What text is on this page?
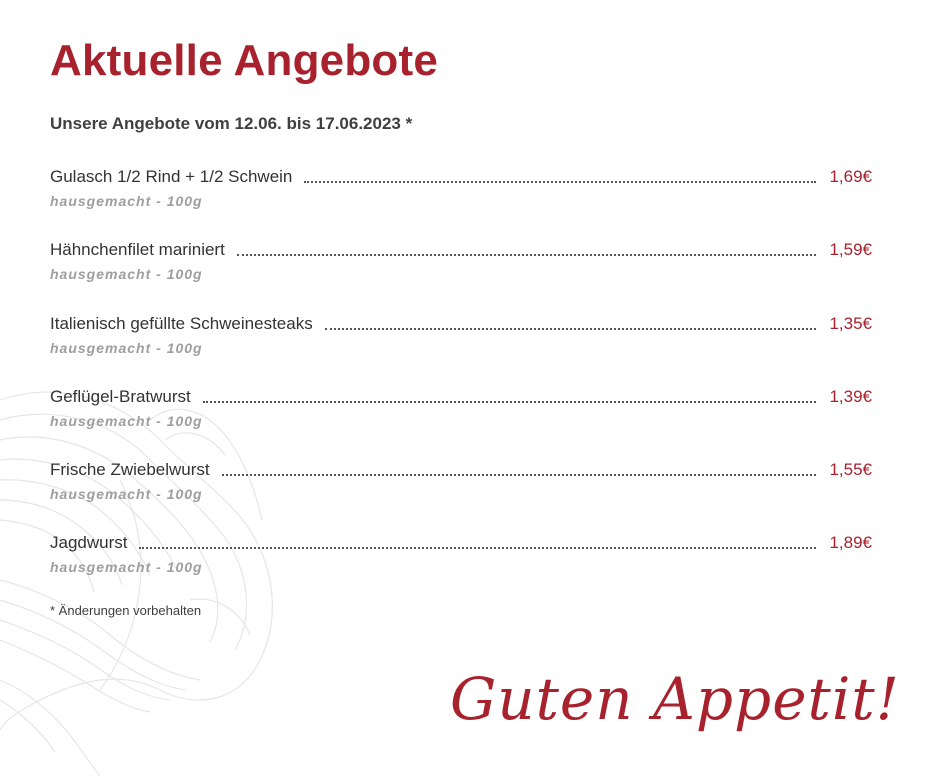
Aktuelle Angebote
Unsere Angebote vom 12.06. bis 17.06.2023 *
Gulasch 1/2 Rind + 1/2 Schwein	1,69€
hausgemacht - 100g
Hähnchenfilet mariniert	1,59€
hausgemacht - 100g
Italienisch gefüllte Schweinesteaks	1,35€
hausgemacht - 100g
Geflügel-Bratwurst	1,39€
hausgemacht - 100g
Frische Zwiebelwurst	1,55€
hausgemacht - 100g
Jagdwurst	1,89€
hausgemacht - 100g
* Änderungen vorbehalten
Guten Appetit!
